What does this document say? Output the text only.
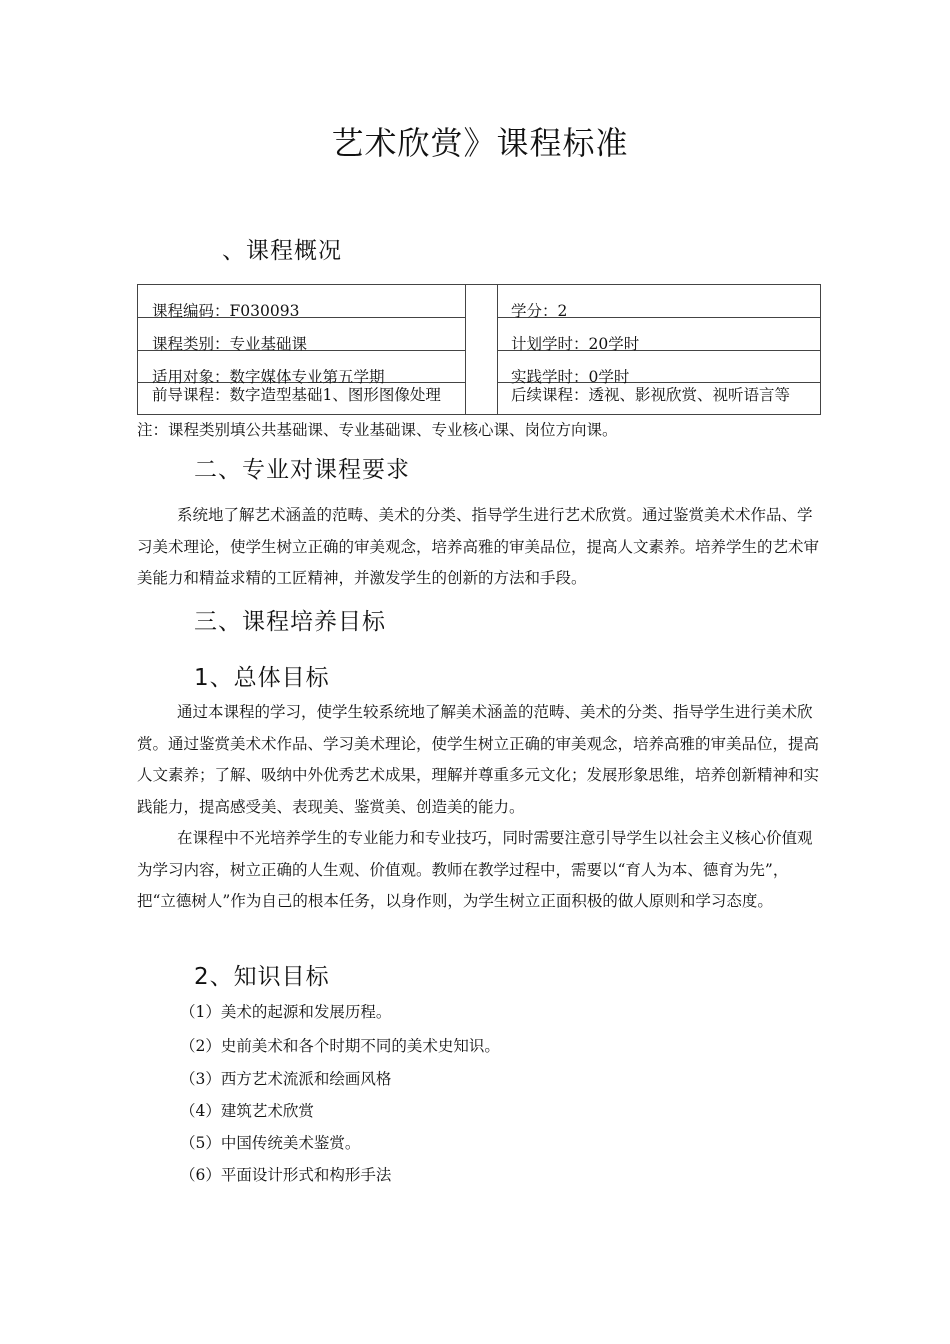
艺术欣赏》课程标准
、课程概况
课程编码：F030093
课程类别：专业基础课
适用对象：数字媒体专业第五学期
前导课程：数字造型基础1、图形图像处理
学分：2
计划学时：20学时
实践学时：0学时
后续课程：透视、影视欣赏、视听语言等
注：课程类别填公共基础课、专业基础课、专业核心课、岗位方向课。
二、专业对课程要求
系统地了解艺术涵盖的范畴、美术的分类、指导学生进行艺术欣赏。通过鉴赏美术术作品、学习美术理论，使学生树立正确的审美观念，培养高雅的审美品位，提高人文素养。培养学生的艺术审美能力和精益求精的工匠精神，并激发学生的创新的方法和手段。
三、课程培养目标
1、总体目标
通过本课程的学习，使学生较系统地了解美术涵盖的范畴、美术的分类、指导学生进行美术欣赏。通过鉴赏美术术作品、学习美术理论，使学生树立正确的审美观念，培养高雅的审美品位，提高人文素养；了解、吸纳中外优秀艺术成果，理解并尊重多元文化；发展形象思维，培养创新精神和实践能力，提高感受美、表现美、鉴赏美、创造美的能力。
在课程中不光培养学生的专业能力和专业技巧，同时需要注意引导学生以社会主义核心价值观为学习内容，树立正确的人生观、价值观。教师在教学过程中，需要以“育人为本、德育为先”，把“立德树人”作为自己的根本任务，以身作则，为学生树立正面积极的做人原则和学习态度。
2、知识目标
（1）美术的起源和发展历程。
（2）史前美术和各个时期不同的美术史知识。
（3）西方艺术流派和绘画风格
（4）建筑艺术欣赏
（5）中国传统美术鉴赏。
（6）平面设计形式和构形手法
